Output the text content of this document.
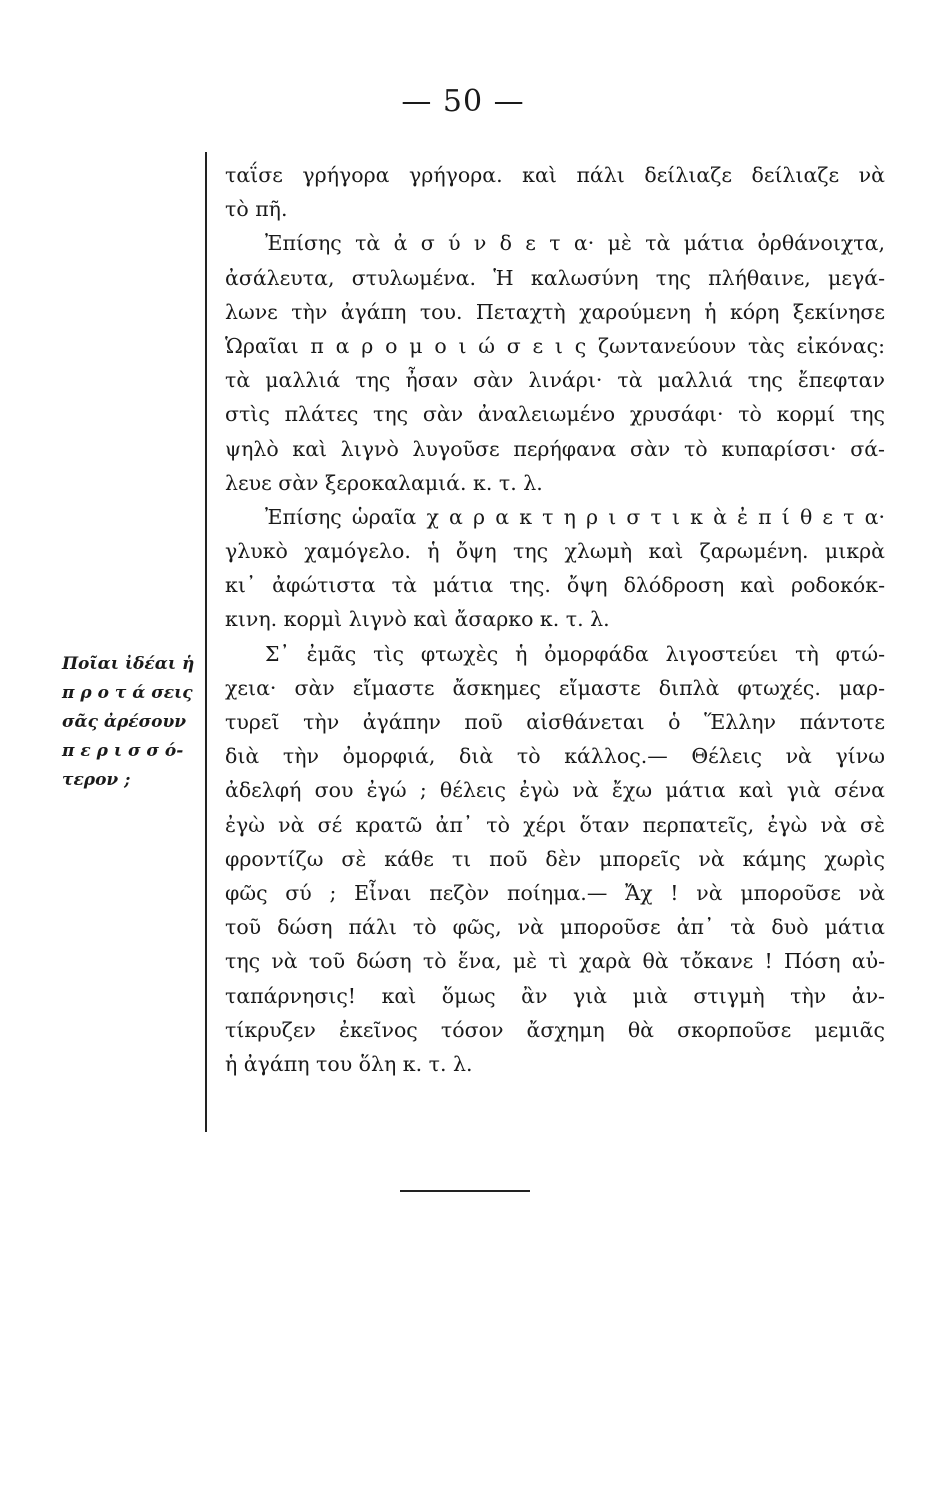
— 50 —
Ποῖαι ἰδέαι ἡ
π ρ ο τ ά σεις
σᾶς ἀρέσουν
π ε ρ ι σ σ ό-
τερον ;
ταΐσε γρήγορα γρήγορα. καὶ πάλι δείλιαζε δείλιαζε νὰ
τὸ πῆ.
Ἐπίσης τὰ ἀ σ ύ ν δ ε τ α· μὲ τὰ μάτια ὀρθάνοιχτα,
ἀσάλευτα, στυλωμένα. Ἡ καλωσύνη της πλήθαινε, μεγά-
λωνε τὴν ἀγάπη του. Πεταχτὴ χαρούμενη ἡ κόρη ξεκίνησε
Ὡραῖαι π α ρ ο μ ο ι ώ σ ε ι ς ζωντανεύουν τὰς εἰκόνας:
τὰ μαλλιά της ἦσαν σὰν λινάρι· τὰ μαλλιά της ἔπεφταν
στὶς πλάτες της σὰν ἀναλειωμένο χρυσάφι· τὸ κορμί της
ψηλὸ καὶ λιγνὸ λυγοῦσε περήφανα σὰν τὸ κυπαρίσσι· σά-
λευε σὰν ξεροκαλαμιά. κ. τ. λ.
Ἐπίσης ὡραῖα χ α ρ α κ τ η ρ ι σ τ ι κ ὰ ἐ π ί θ ε τ α·
γλυκὸ χαμόγελο. ἡ ὄψη της χλωμὴ καὶ ζαρωμένη. μικρὰ
κι᾿ ἀφώτιστα τὰ μάτια της. ὄψη δλόδροση καὶ ροδοκόκ-
κινη. κορμὶ λιγνὸ καὶ ἄσαρκο κ. τ. λ.
Σ᾿ ἐμᾶς τὶς φτωχὲς ἡ ὀμορφάδα λιγοστεύει τὴ φτώ-
χεια· σὰν εἴμαστε ἄσκημες εἴμαστε διπλὰ φτωχές. μαρ-
τυρεῖ τὴν ἀγάπην ποῦ αἰσθάνεται ὁ Ἕλλην πάντοτε
διὰ τὴν ὀμορφιά, διὰ τὸ κάλλος.— Θέλεις νὰ γίνω
ἀδελφή σου ἐγώ ; θέλεις ἐγὼ νὰ ἔχω μάτια καὶ γιὰ σένα
ἐγὼ νὰ σέ κρατῶ ἀπ᾿ τὸ χέρι ὅταν περπατεῖς, ἐγὼ νὰ σὲ
φροντίζω σὲ κάθε τι ποῦ δὲν μπορεῖς νὰ κάμης χωρὶς
φῶς σύ ; Εἶναι πεζὸν ποίημα.— Ἄχ ! νὰ μποροῦσε νὰ
τοῦ δώση πάλι τὸ φῶς, νὰ μποροῦσε ἀπ᾿ τὰ δυὸ μάτια
της νὰ τοῦ δώση τὸ ἕνα, μὲ τὶ χαρὰ θὰ τὄκανε ! Πόση αὐ-
ταπάρνησις! καὶ ὅμως ἂν γιὰ μιὰ στιγμὴ τὴν ἀν-
τίκρυζεν ἐκεῖνος τόσον ἄσχημη θὰ σκορποῦσε μεμιᾶς
ἡ ἀγάπη του ὅλη κ. τ. λ.
